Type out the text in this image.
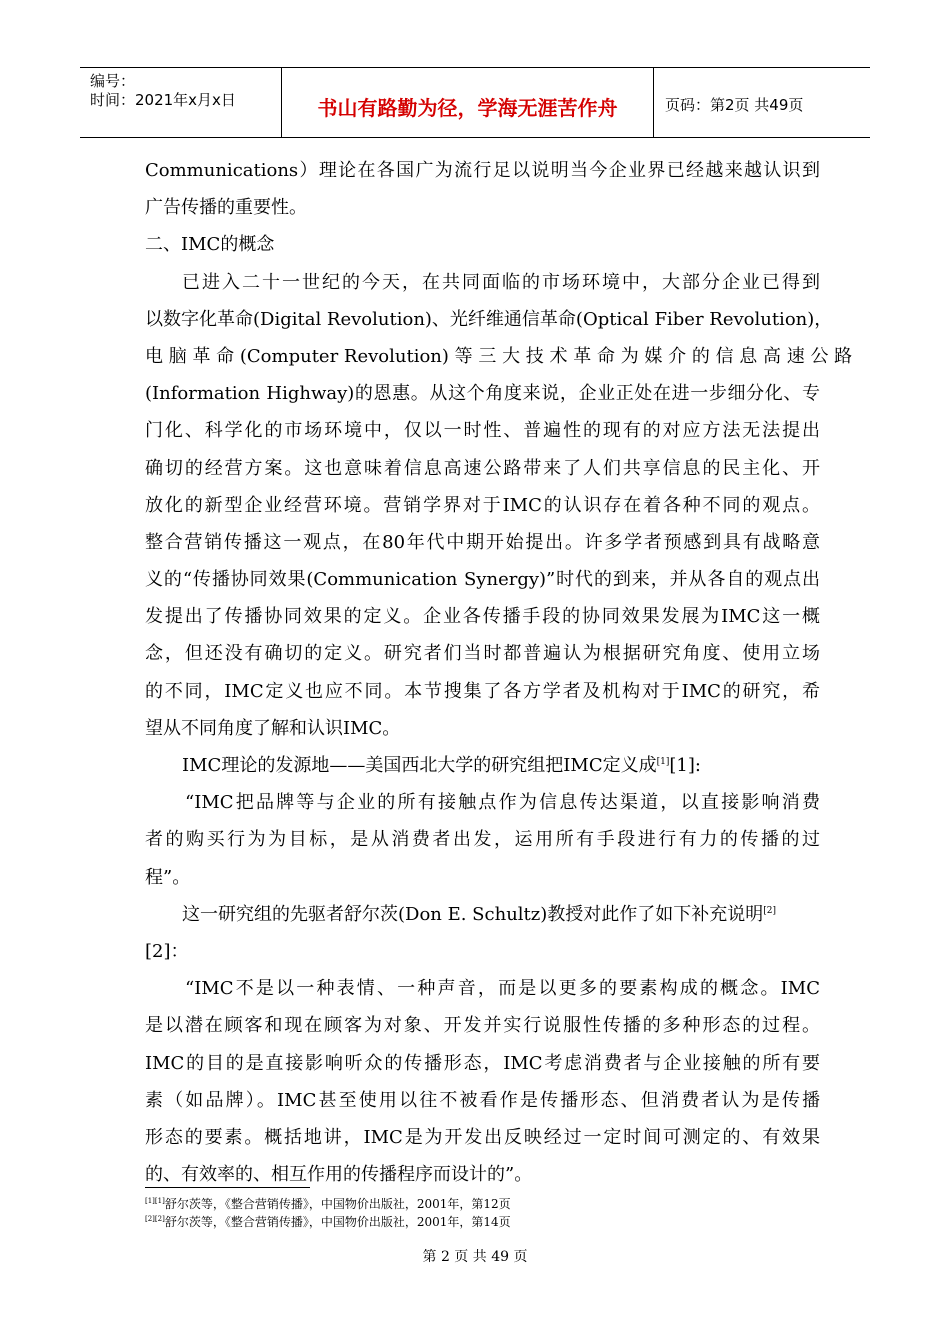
编号：
时间：2021年x月x日	书山有路勤为径，学海无涯苦作舟	页码：第2页 共49页
Communications）理论在各国广为流行足以说明当今企业界已经越来越认识到
广告传播的重要性。
二、IMC的概念
已进入二十一世纪的今天，在共同面临的市场环境中，大部分企业已得到
以数字化革命(Digital Revolution)、光纤维通信革命(Optical Fiber Revolution)，
电 脑 革 命 (Computer Revolution) 等 三 大 技 术 革 命 为 媒 介 的 信 息 高 速 公 路
(Information Highway)的恩惠。从这个角度来说，企业正处在进一步细分化、专
门化、科学化的市场环境中，仅以一时性、普遍性的现有的对应方法无法提出
确切的经营方案。这也意味着信息高速公路带来了人们共享信息的民主化、开
放化的新型企业经营环境。营销学界对于IMC的认识存在着各种不同的观点。
整合营销传播这一观点，在80年代中期开始提出。许多学者预感到具有战略意
义的“传播协同效果(Communication Synergy)”时代的到来，并从各自的观点出
发提出了传播协同效果的定义。企业各传播手段的协同效果发展为IMC这一概
念，但还没有确切的定义。研究者们当时都普遍认为根据研究角度、使用立场
的不同，IMC定义也应不同。本节搜集了各方学者及机构对于IMC的研究，希
望从不同角度了解和认识IMC。
IMC理论的发源地——美国西北大学的研究组把IMC定义成[1][1]:
“IMC把品牌等与企业的所有接触点作为信息传达渠道，以直接影响消费
者的购买行为为目标，是从消费者出发，运用所有手段进行有力的传播的过
程”。
这一研究组的先驱者舒尔茨(Don E. Schultz)教授对此作了如下补充说明[2]
[2]：
“IMC不是以一种表情、一种声音，而是以更多的要素构成的概念。IMC
是以潜在顾客和现在顾客为对象、开发并实行说服性传播的多种形态的过程。
IMC的目的是直接影响听众的传播形态，IMC考虑消费者与企业接触的所有要
素（如品牌）。IMC甚至使用以往不被看作是传播形态、但消费者认为是传播
形态的要素。概括地讲，IMC是为开发出反映经过一定时间可测定的、有效果
的、有效率的、相互作用的传播程序而设计的”。
[1][1]舒尔茨等，《整合营销传播》，中国物价出版社，2001年，第12页
[2][2]舒尔茨等，《整合营销传播》，中国物价出版社，2001年，第14页
第 2 页 共 49 页
